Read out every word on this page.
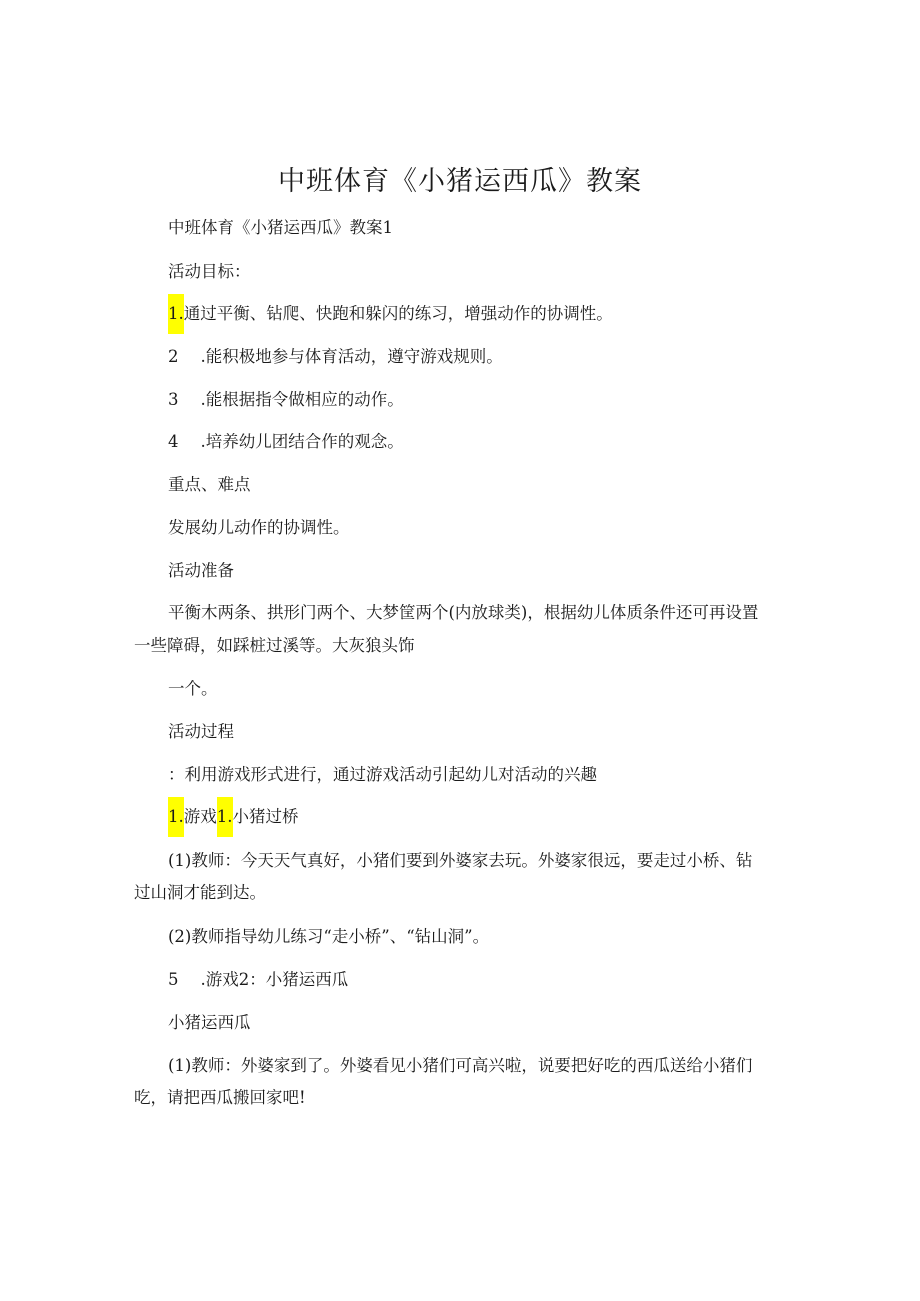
中班体育《小猪运西瓜》教案
中班体育《小猪运西瓜》教案1
活动目标：
1.通过平衡、钻爬、快跑和躲闪的练习，增强动作的协调性。
2 .能积极地参与体育活动，遵守游戏规则。
3 .能根据指令做相应的动作。
4 .培养幼儿团结合作的观念。
重点、难点
发展幼儿动作的协调性。
活动准备
平衡木两条、拱形门两个、大梦筐两个(内放球类)，根据幼儿体质条件还可再设置
一些障碍，如踩桩过溪等。大灰狼头饰
一个。
活动过程
：利用游戏形式进行，通过游戏活动引起幼儿对活动的兴趣
1.游戏1.小猪过桥
(1)教师：今天天气真好，小猪们要到外婆家去玩。外婆家很远，要走过小桥、钻
过山洞才能到达。
(2)教师指导幼儿练习“走小桥”、“钻山洞”。
5 .游戏2：小猪运西瓜
小猪运西瓜
(1)教师：外婆家到了。外婆看见小猪们可高兴啦，说要把好吃的西瓜送给小猪们
吃，请把西瓜搬回家吧!
